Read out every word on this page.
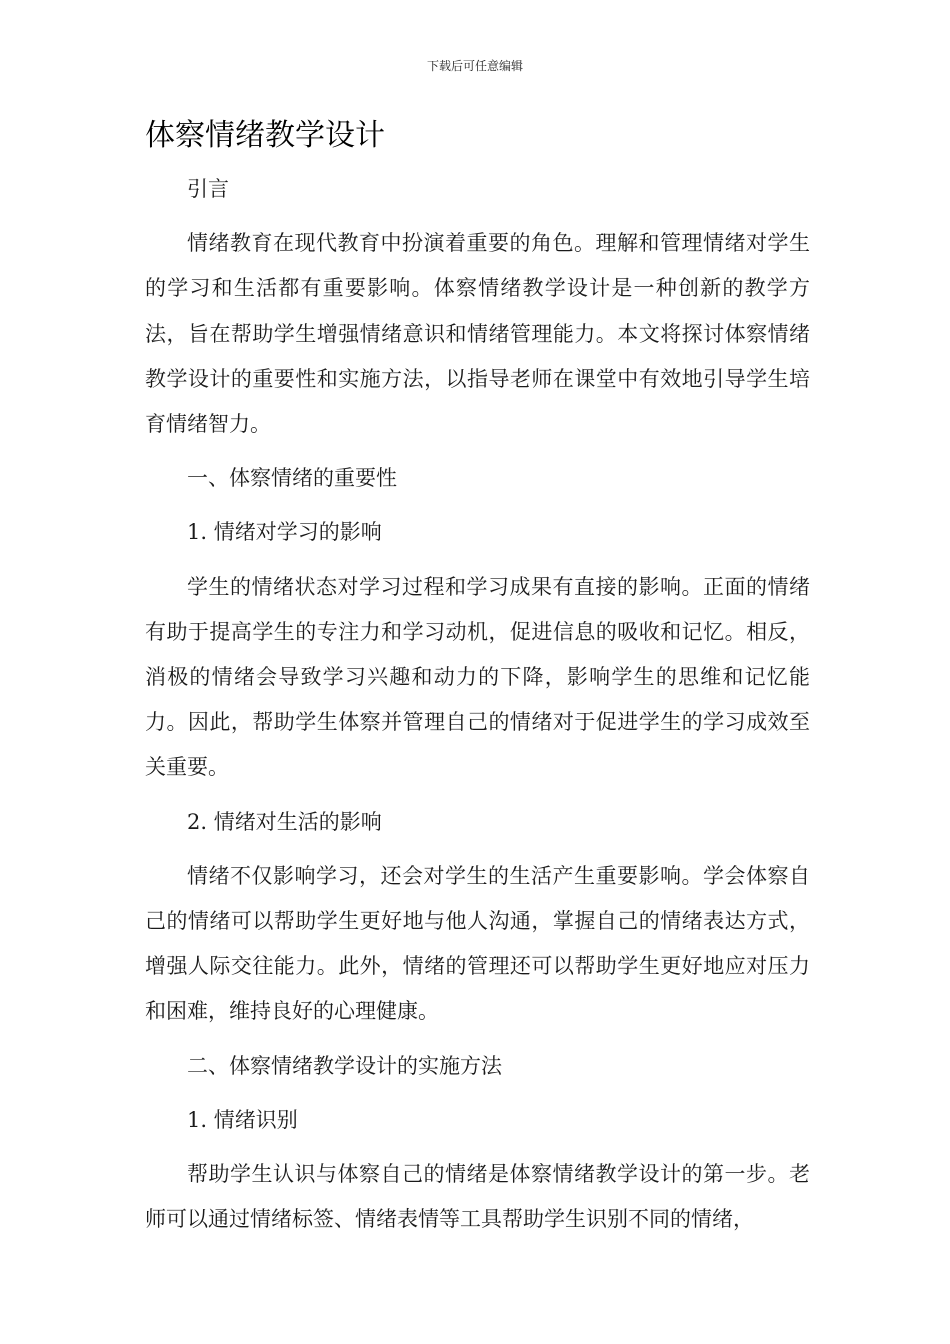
下载后可任意编辑
体察情绪教学设计

引言

情绪教育在现代教育中扮演着重要的角色。理解和管理情绪对学生的学习和生活都有重要影响。体察情绪教学设计是一种创新的教学方法，旨在帮助学生增强情绪意识和情绪管理能力。本文将探讨体察情绪教学设计的重要性和实施方法，以指导老师在课堂中有效地引导学生培育情绪智力。

一、体察情绪的重要性

1. 情绪对学习的影响

学生的情绪状态对学习过程和学习成果有直接的影响。正面的情绪有助于提高学生的专注力和学习动机，促进信息的吸收和记忆。相反，消极的情绪会导致学习兴趣和动力的下降，影响学生的思维和记忆能力。因此，帮助学生体察并管理自己的情绪对于促进学生的学习成效至关重要。

2. 情绪对生活的影响

情绪不仅影响学习，还会对学生的生活产生重要影响。学会体察自己的情绪可以帮助学生更好地与他人沟通，掌握自己的情绪表达方式，增强人际交往能力。此外，情绪的管理还可以帮助学生更好地应对压力和困难，维持良好的心理健康。

二、体察情绪教学设计的实施方法

1. 情绪识别

帮助学生认识与体察自己的情绪是体察情绪教学设计的第一步。老师可以通过情绪标签、情绪表情等工具帮助学生识别不同的情绪，
